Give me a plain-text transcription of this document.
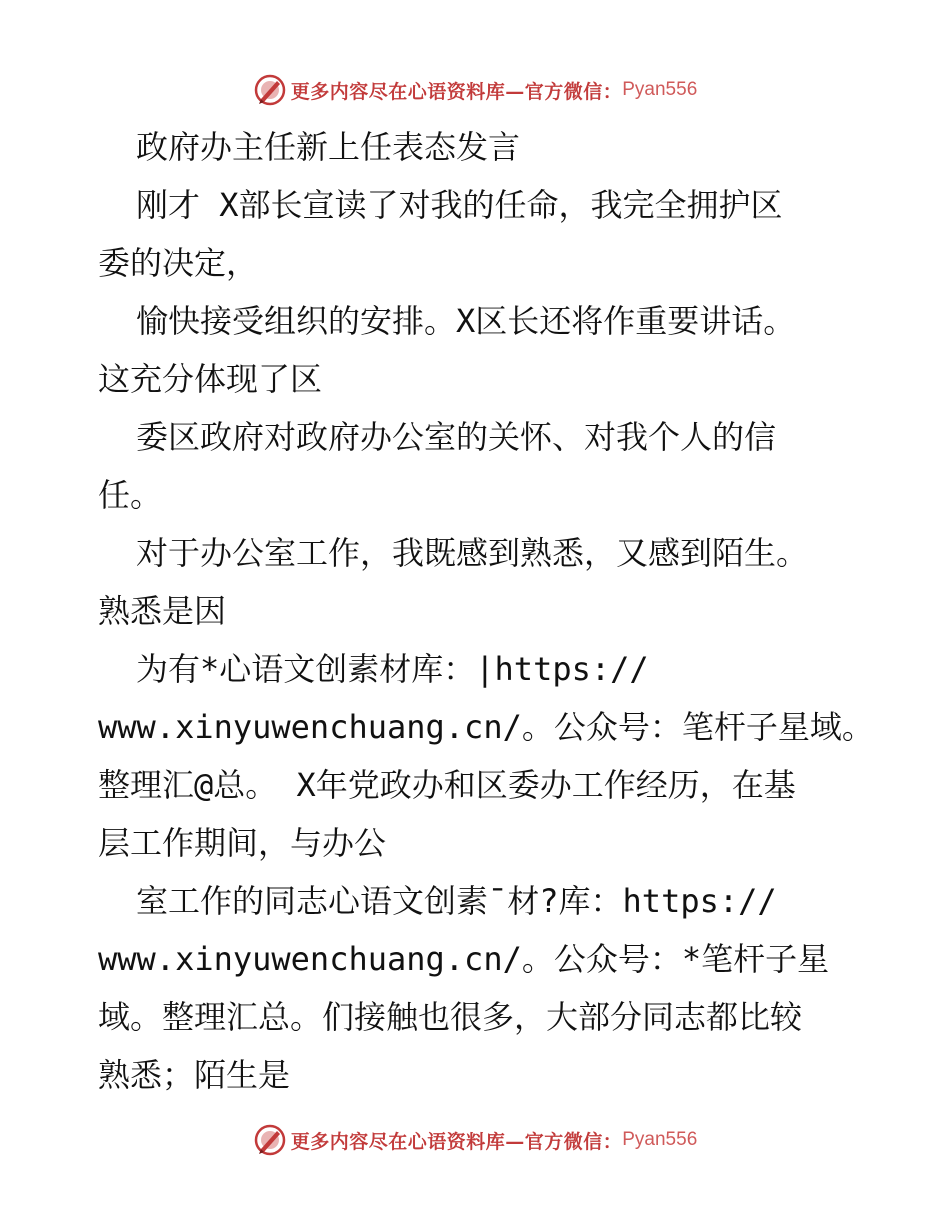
更多内容尽在心语资料库—官方微信： Pyan556
政府办主任新上任表态发言
刚才 X部长宣读了对我的任命，我完全拥护区
委的决定，
愉快接受组织的安排。X区长还将作重要讲话。
这充分体现了区
委区政府对政府办公室的关怀、对我个人的信
任。
对于办公室工作，我既感到熟悉，又感到陌生。
熟悉是因
为有*心语文创素材库：|https://
www.xinyuwenchuang.cn/。公众号：笔杆子星域。
整理汇@总。 X年党政办和区委办工作经历，在基
层工作期间，与办公
室工作的同志心语文创素¯材?库：https://
www.xinyuwenchuang.cn/。公众号：*笔杆子星
域。整理汇总。们接触也很多，大部分同志都比较
熟悉；陌生是
更多内容尽在心语资料库—官方微信： Pyan556
